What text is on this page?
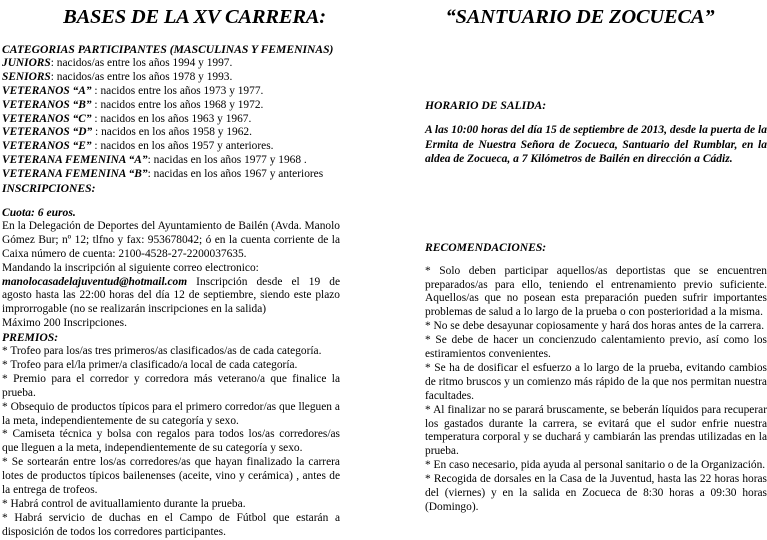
BASES DE LA XV CARRERA:	“SANTUARIO DE ZOCUECA”
CATEGORIAS PARTICIPANTES (MASCULINAS Y FEMENINAS)
JUNIORS: nacidos/as entre los años 1994 y 1997.
SENIORS: nacidos/as entre los años 1978 y 1993.
VETERANOS “A” : nacidos entre los años 1973 y 1977.
VETERANOS “B” : nacidos entre los años 1968 y 1972.
VETERANOS “C” : nacidos en los años 1963 y 1967.
VETERANOS “D” : nacidos en los años 1958 y 1962.
VETERANOS “E” : nacidos en los años 1957 y anteriores.
VETERANA FEMENINA “A”: nacidas en los años 1977 y 1968 .
VETERANA FEMENINA “B”: nacidas en los años 1967 y anteriores
INSCRIPCIONES:
Cuota: 6 euros.
En la Delegación de Deportes del Ayuntamiento de Bailén (Avda. Manolo Gómez Bur; nº 12; tlfno y fax: 953678042; ó en la cuenta corriente de la Caixa número de cuenta: 2100-4528-27-2200037635.
Mandando la inscripción al siguiente correo electronico:
manolocasadelajuventud@hotmail.com Inscripción desde el 19 de agosto hasta las 22:00 horas del día 12 de septiembre, siendo este plazo improrrogable (no se realizarán inscripciones en la salida)
Máximo 200 Inscripciones.
PREMIOS:
* Trofeo para los/as tres primeros/as clasificados/as de cada categoría.
* Trofeo para el/la primer/a clasificado/a local de cada categoría.
* Premio para el corredor y corredora más veterano/a que finalice la prueba.
* Obsequio de productos típicos para el primero corredor/as que lleguen a la meta, independientemente de su categoría y sexo.
* Camiseta técnica y bolsa con regalos para todos los/as corredores/as que lleguen a la meta, independientemente de su categoría y sexo.
* Se sortearán entre los/as corredores/as que hayan finalizado la carrera lotes de productos típicos bailenenses (aceite, vino y cerámica) , antes de la entrega de trofeos.
* Habrá control de avituallamiento durante la prueba.
* Habrá servicio de duchas en el Campo de Fútbol que estarán a disposición de todos los corredores participantes.
HORARIO DE SALIDA:
A las 10:00 horas del día 15 de septiembre de 2013, desde la puerta de la Ermita de Nuestra Señora de Zocueca, Santuario del Rumblar, en la aldea de Zocueca, a 7 Kilómetros de Bailén en dirección a Cádiz.
RECOMENDACIONES:
* Solo deben participar aquellos/as deportistas que se encuentren preparados/as para ello, teniendo el entrenamiento previo suficiente. Aquellos/as que no posean esta preparación pueden sufrir importantes problemas de salud a lo largo de la prueba o con posterioridad a la misma.
* No se debe desayunar copiosamente y hará dos horas antes de la carrera.
* Se debe de hacer un concienzudo calentamiento previo, así como los estiramientos convenientes.
* Se ha de dosificar el esfuerzo a lo largo de la prueba, evitando cambios de ritmo bruscos y un comienzo más rápido de la que nos permitan nuestra facultades.
* Al finalizar no se parará bruscamente, se beberán líquidos para recuperar los gastados durante la carrera, se evitará que el sudor enfrie nuestra temperatura corporal y se duchará y cambiarán las prendas utilizadas en la prueba.
* En caso necesario, pida ayuda al personal sanitario o de la Organización.
* Recogida de dorsales en la Casa de la Juventud, hasta las 22 horas horas del (viernes) y en la salida en Zocueca de 8:30 horas a 09:30 horas (Domingo).
